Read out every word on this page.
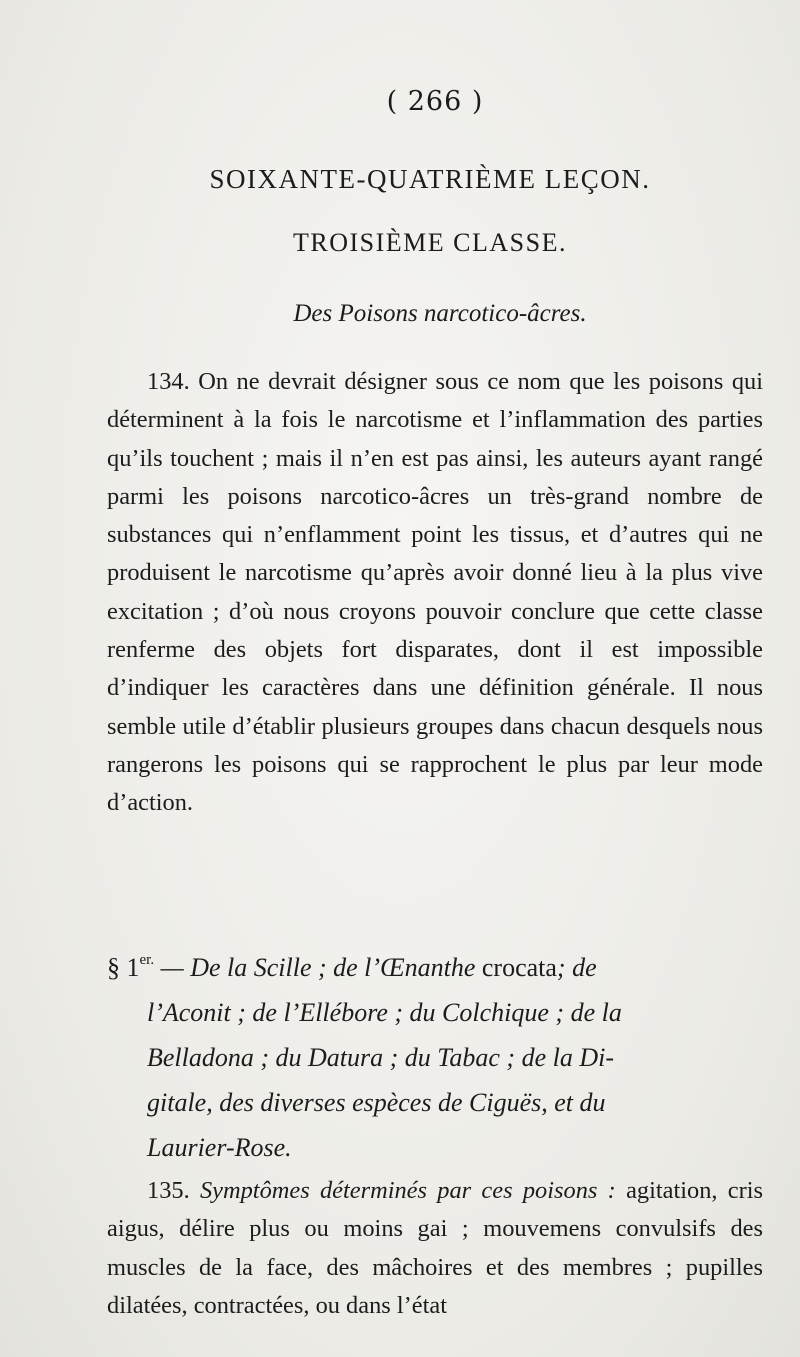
( 266 )
SOIXANTE-QUATRIÈME LEÇON.
TROISIÈME CLASSE.
Des Poisons narcotico-âcres.
134. On ne devrait désigner sous ce nom que les poisons qui déterminent à la fois le narcotisme et l’inflammation des parties qu’ils touchent ; mais il n’en est pas ainsi, les auteurs ayant rangé parmi les poisons narcotico-âcres un très-grand nombre de substances qui n’enflamment point les tissus, et d’autres qui ne produisent le narcotisme qu’après avoir donné lieu à la plus vive excitation ; d’où nous croyons pouvoir conclure que cette classe renferme des objets fort disparates, dont il est impossible d’indiquer les caractères dans une définition générale. Il nous semble utile d’établir plusieurs groupes dans chacun desquels nous rangerons les poisons qui se rapprochent le plus par leur mode d’action.
§ $1^{er.}$ — De la Scille ; de l’Œnanthe crocata; de
l’Aconit ; de l’Ellébore ; du Colchique ; de la
Belladona ; du Datura ; du Tabac ; de la Di-
gitale, des diverses espèces de Ciguës, et du
Laurier-Rose.
135. Symptômes déterminés par ces poisons : agitation, cris aigus, délire plus ou moins gai ; mouvemens convulsifs des muscles de la face, des mâchoires et des membres ; pupilles dilatées, contractées, ou dans l’état
